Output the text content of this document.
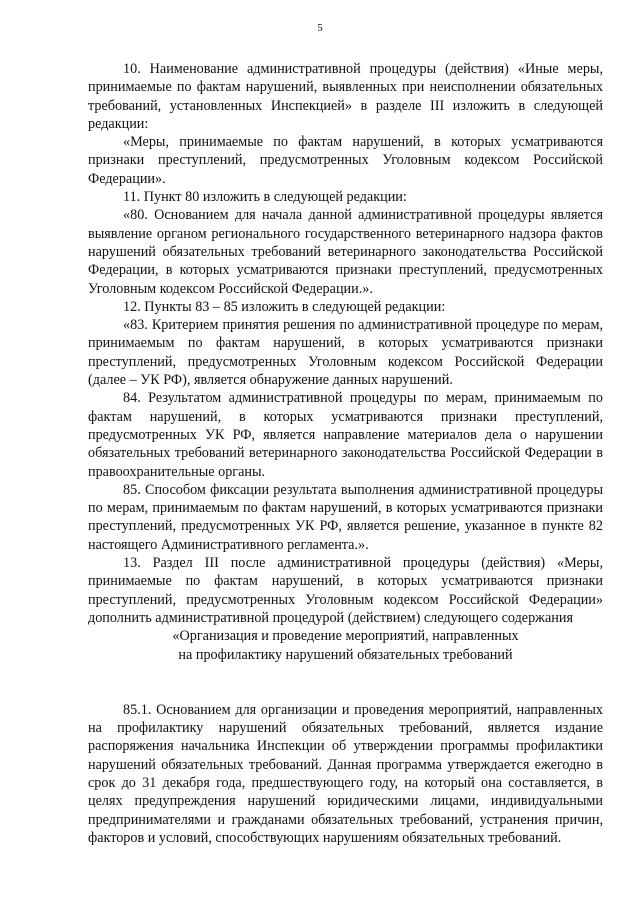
5

10. Наименование административной процедуры (действия) «Иные меры, принимаемые по фактам нарушений, выявленных при неисполнении обязательных требований, установленных Инспекцией» в разделе III изложить в следующей редакции:

«Меры, принимаемые по фактам нарушений, в которых усматриваются признаки преступлений, предусмотренных Уголовным кодексом Российской Федерации».

11. Пункт 80 изложить в следующей редакции:

«80. Основанием для начала данной административной процедуры является выявление органом регионального государственного ветеринарного надзора фактов нарушений обязательных требований ветеринарного законодательства Российской Федерации, в которых усматриваются признаки преступлений, предусмотренных Уголовным кодексом Российской Федерации.».

12. Пункты 83 – 85 изложить в следующей редакции:

«83. Критерием принятия решения по административной процедуре по мерам, принимаемым по фактам нарушений, в которых усматриваются признаки преступлений, предусмотренных Уголовным кодексом Российской Федерации (далее – УК РФ), является обнаружение данных нарушений.

84. Результатом административной процедуры по мерам, принимаемым по фактам нарушений, в которых усматриваются признаки преступлений, предусмотренных УК РФ, является направление материалов дела о нарушении обязательных требований ветеринарного законодательства Российской Федерации в правоохранительные органы.

85. Способом фиксации результата выполнения административной процедуры по мерам, принимаемым по фактам нарушений, в которых усматриваются признаки преступлений, предусмотренных УК РФ, является решение, указанное в пункте 82 настоящего Административного регламента.».

13. Раздел III после административной процедуры (действия) «Меры, принимаемые по фактам нарушений, в которых усматриваются признаки преступлений, предусмотренных Уголовным кодексом Российской Федерации» дополнить административной процедурой (действием) следующего содержания

«Организация и проведение мероприятий, направленных

на профилактику нарушений обязательных требований

85.1. Основанием для организации и проведения мероприятий, направленных на профилактику нарушений обязательных требований, является издание распоряжения начальника Инспекции об утверждении программы профилактики нарушений обязательных требований. Данная программа утверждается ежегодно в срок до 31 декабря года, предшествующего году, на который она составляется, в целях предупреждения нарушений юридическими лицами, индивидуальными предпринимателями и гражданами обязательных требований, устранения причин, факторов и условий, способствующих нарушениям обязательных требований.
